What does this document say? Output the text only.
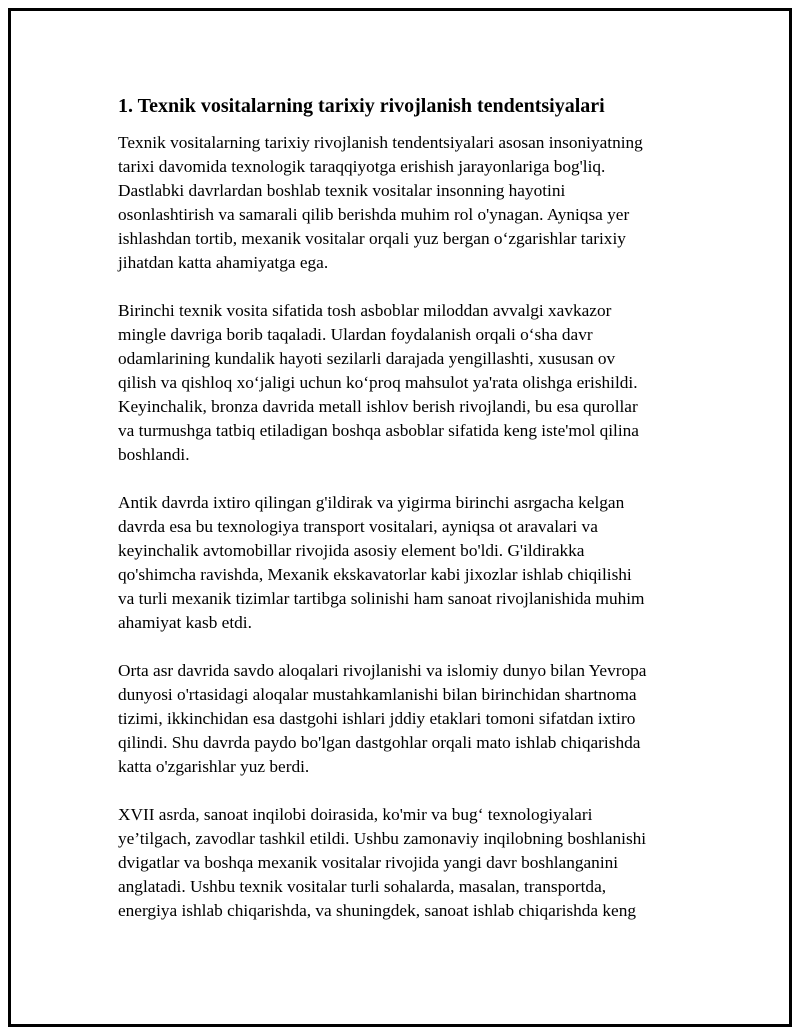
1. Texnik vositalarning tarixiy rivojlanish tendentsiyalari

Texnik vositalarning tarixiy rivojlanish tendentsiyalari asosan insoniyatning
tarixi davomida texnologik taraqqiyotga erishish jarayonlariga bog'liq.
Dastlabki davrlardan boshlab texnik vositalar insonning hayotini
osonlashtirish va samarali qilib berishda muhim rol o'ynagan. Ayniqsa yer
ishlashdan tortib, mexanik vositalar orqali yuz bergan o‘zgarishlar tarixiy
jihatdan katta ahamiyatga ega.

Birinchi texnik vosita sifatida tosh asboblar miloddan avvalgi xavkazor
mingle davriga borib taqaladi. Ulardan foydalanish orqali o‘sha davr
odamlarining kundalik hayoti sezilarli darajada yengillashti, xususan ov
qilish va qishloq xo‘jaligi uchun ko‘proq mahsulot ya'rata olishga erishildi.
Keyinchalik, bronza davrida metall ishlov berish rivojlandi, bu esa qurollar
va turmushga tatbiq etiladigan boshqa asboblar sifatida keng iste'mol qilina
boshlandi.

Antik davrda ixtiro qilingan g'ildirak va yigirma birinchi asrgacha kelgan
davrda esa bu texnologiya transport vositalari, ayniqsa ot aravalari va
keyinchalik avtomobillar rivojida asosiy element bo'ldi. G'ildirakka
qo'shimcha ravishda, Mexanik ekskavatorlar kabi jixozlar ishlab chiqilishi
va turli mexanik tizimlar tartibga solinishi ham sanoat rivojlanishida muhim
ahamiyat kasb etdi.

Orta asr davrida savdo aloqalari rivojlanishi va islomiy dunyo bilan Yevropa
dunyosi o'rtasidagi aloqalar mustahkamlanishi bilan birinchidan shartnoma
tizimi, ikkinchidan esa dastgohi ishlari jddiy etaklari tomoni sifatdan ixtiro
qilindi. Shu davrda paydo bo'lgan dastgohlar orqali mato ishlab chiqarishda
katta o'zgarishlar yuz berdi.

XVII asrda, sanoat inqilobi doirasida, ko'mir va bug‘ texnologiyalari
ye’tilgach, zavodlar tashkil etildi. Ushbu zamonaviy inqilobning boshlanishi
dvigatlar va boshqa mexanik vositalar rivojida yangi davr boshlanganini
anglatadi. Ushbu texnik vositalar turli sohalarda, masalan, transportda,
energiya ishlab chiqarishda, va shuningdek, sanoat ishlab chiqarishda keng
